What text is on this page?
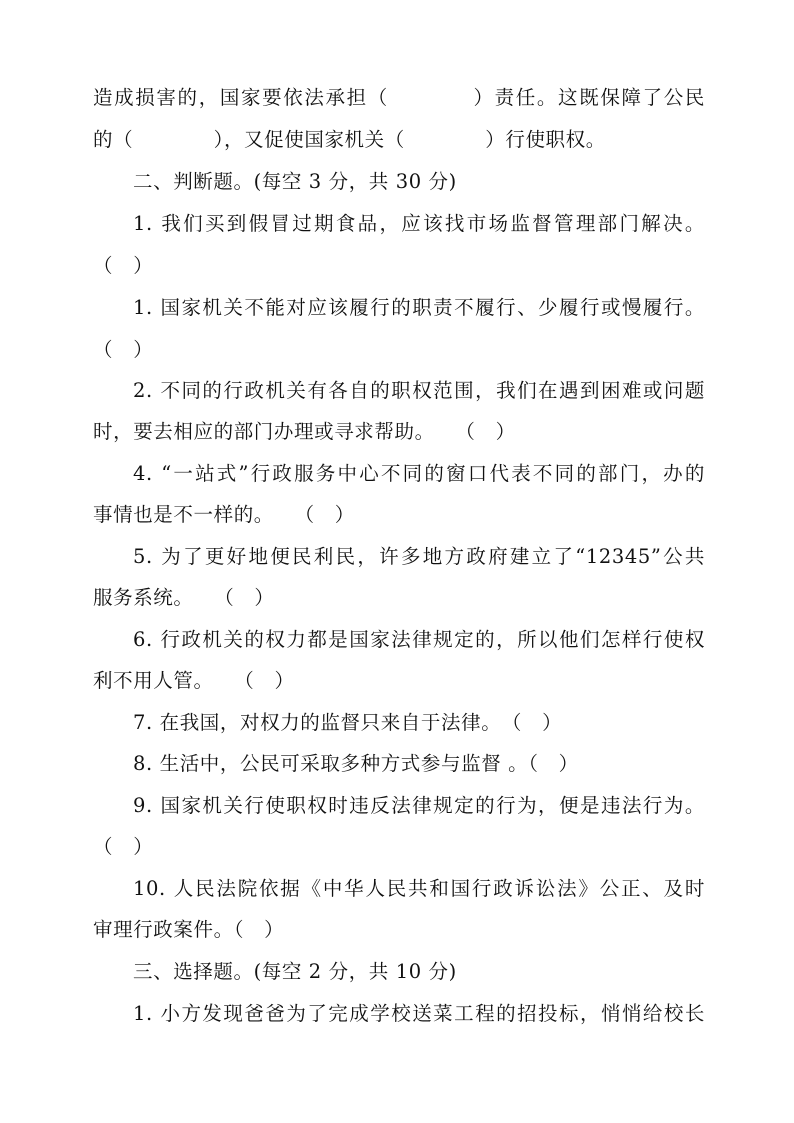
造成损害的，国家要依法承担（　　　　）责任。这既保障了公民
的（　　　　），又促使国家机关（　　　　）行使职权。
二、判断题。(每空 3 分，共 30 分)
1. 我们买到假冒过期食品，应该找市场监督管理部门解决。
（　）
1. 国家机关不能对应该履行的职责不履行、少履行或慢履行。
（　）
2. 不同的行政机关有各自的职权范围，我们在遇到困难或问题
时，要去相应的部门办理或寻求帮助。　　（　）
4. “一站式”行政服务中心不同的窗口代表不同的部门，办的
事情也是不一样的。　　（　）
5. 为了更好地便民利民，许多地方政府建立了“12345”公共
服务系统。　　（　）
6. 行政机关的权力都是国家法律规定的，所以他们怎样行使权
利不用人管。　　（　）
7. 在我国，对权力的监督只来自于法律。　（　）
8. 生活中，公民可采取多种方式参与监督 。（　）
9. 国家机关行使职权时违反法律规定的行为，便是违法行为。
（　）
10. 人民法院依据《中华人民共和国行政诉讼法》公正、及时
审理行政案件。（　）
三、选择题。(每空 2 分，共 10 分)
1. 小方发现爸爸为了完成学校送菜工程的招投标，悄悄给校长
